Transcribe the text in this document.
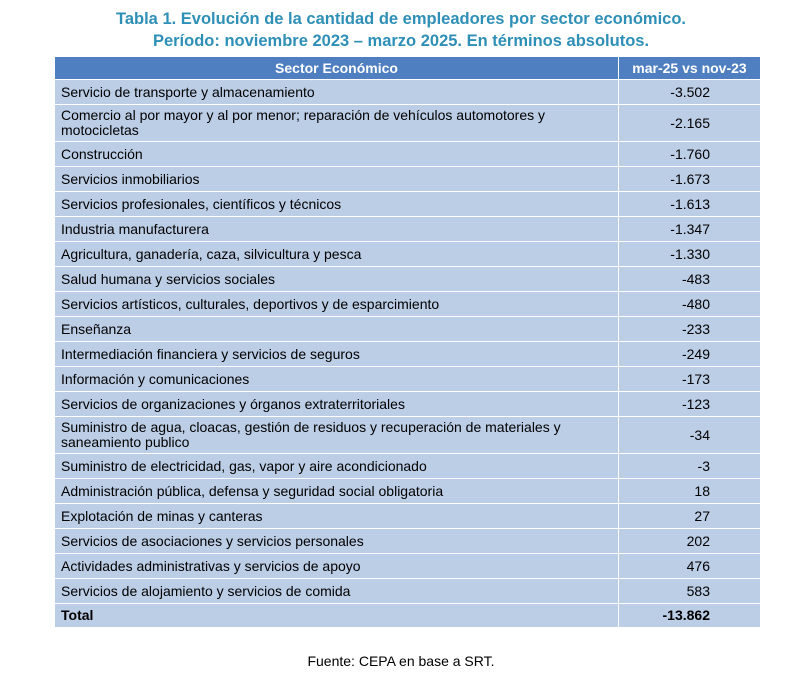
Tabla 1. Evolución de la cantidad de empleadores por sector económico.
Período: noviembre 2023 – marzo 2025. En términos absolutos.
Sector Económico	mar-25 vs nov-23
Servicio de transporte y almacenamiento	-3.502
Comercio al por mayor y al por menor; reparación de vehículos automotores y motocicletas	-2.165
Construcción	-1.760
Servicios inmobiliarios	-1.673
Servicios profesionales, científicos y técnicos	-1.613
Industria manufacturera	-1.347
Agricultura, ganadería, caza, silvicultura y pesca	-1.330
Salud humana y servicios sociales	-483
Servicios artísticos, culturales, deportivos y de esparcimiento	-480
Enseñanza	-233
Intermediación financiera y servicios de seguros	-249
Información y comunicaciones	-173
Servicios de organizaciones y órganos extraterritoriales	-123
Suministro de agua, cloacas, gestión de residuos y recuperación de materiales y saneamiento publico	-34
Suministro de electricidad, gas, vapor y aire acondicionado	-3
Administración pública, defensa y seguridad social obligatoria	18
Explotación de minas y canteras	27
Servicios de asociaciones y servicios personales	202
Actividades administrativas y servicios de apoyo	476
Servicios de alojamiento y servicios de comida	583
Total	-13.862
Fuente: CEPA en base a SRT.
